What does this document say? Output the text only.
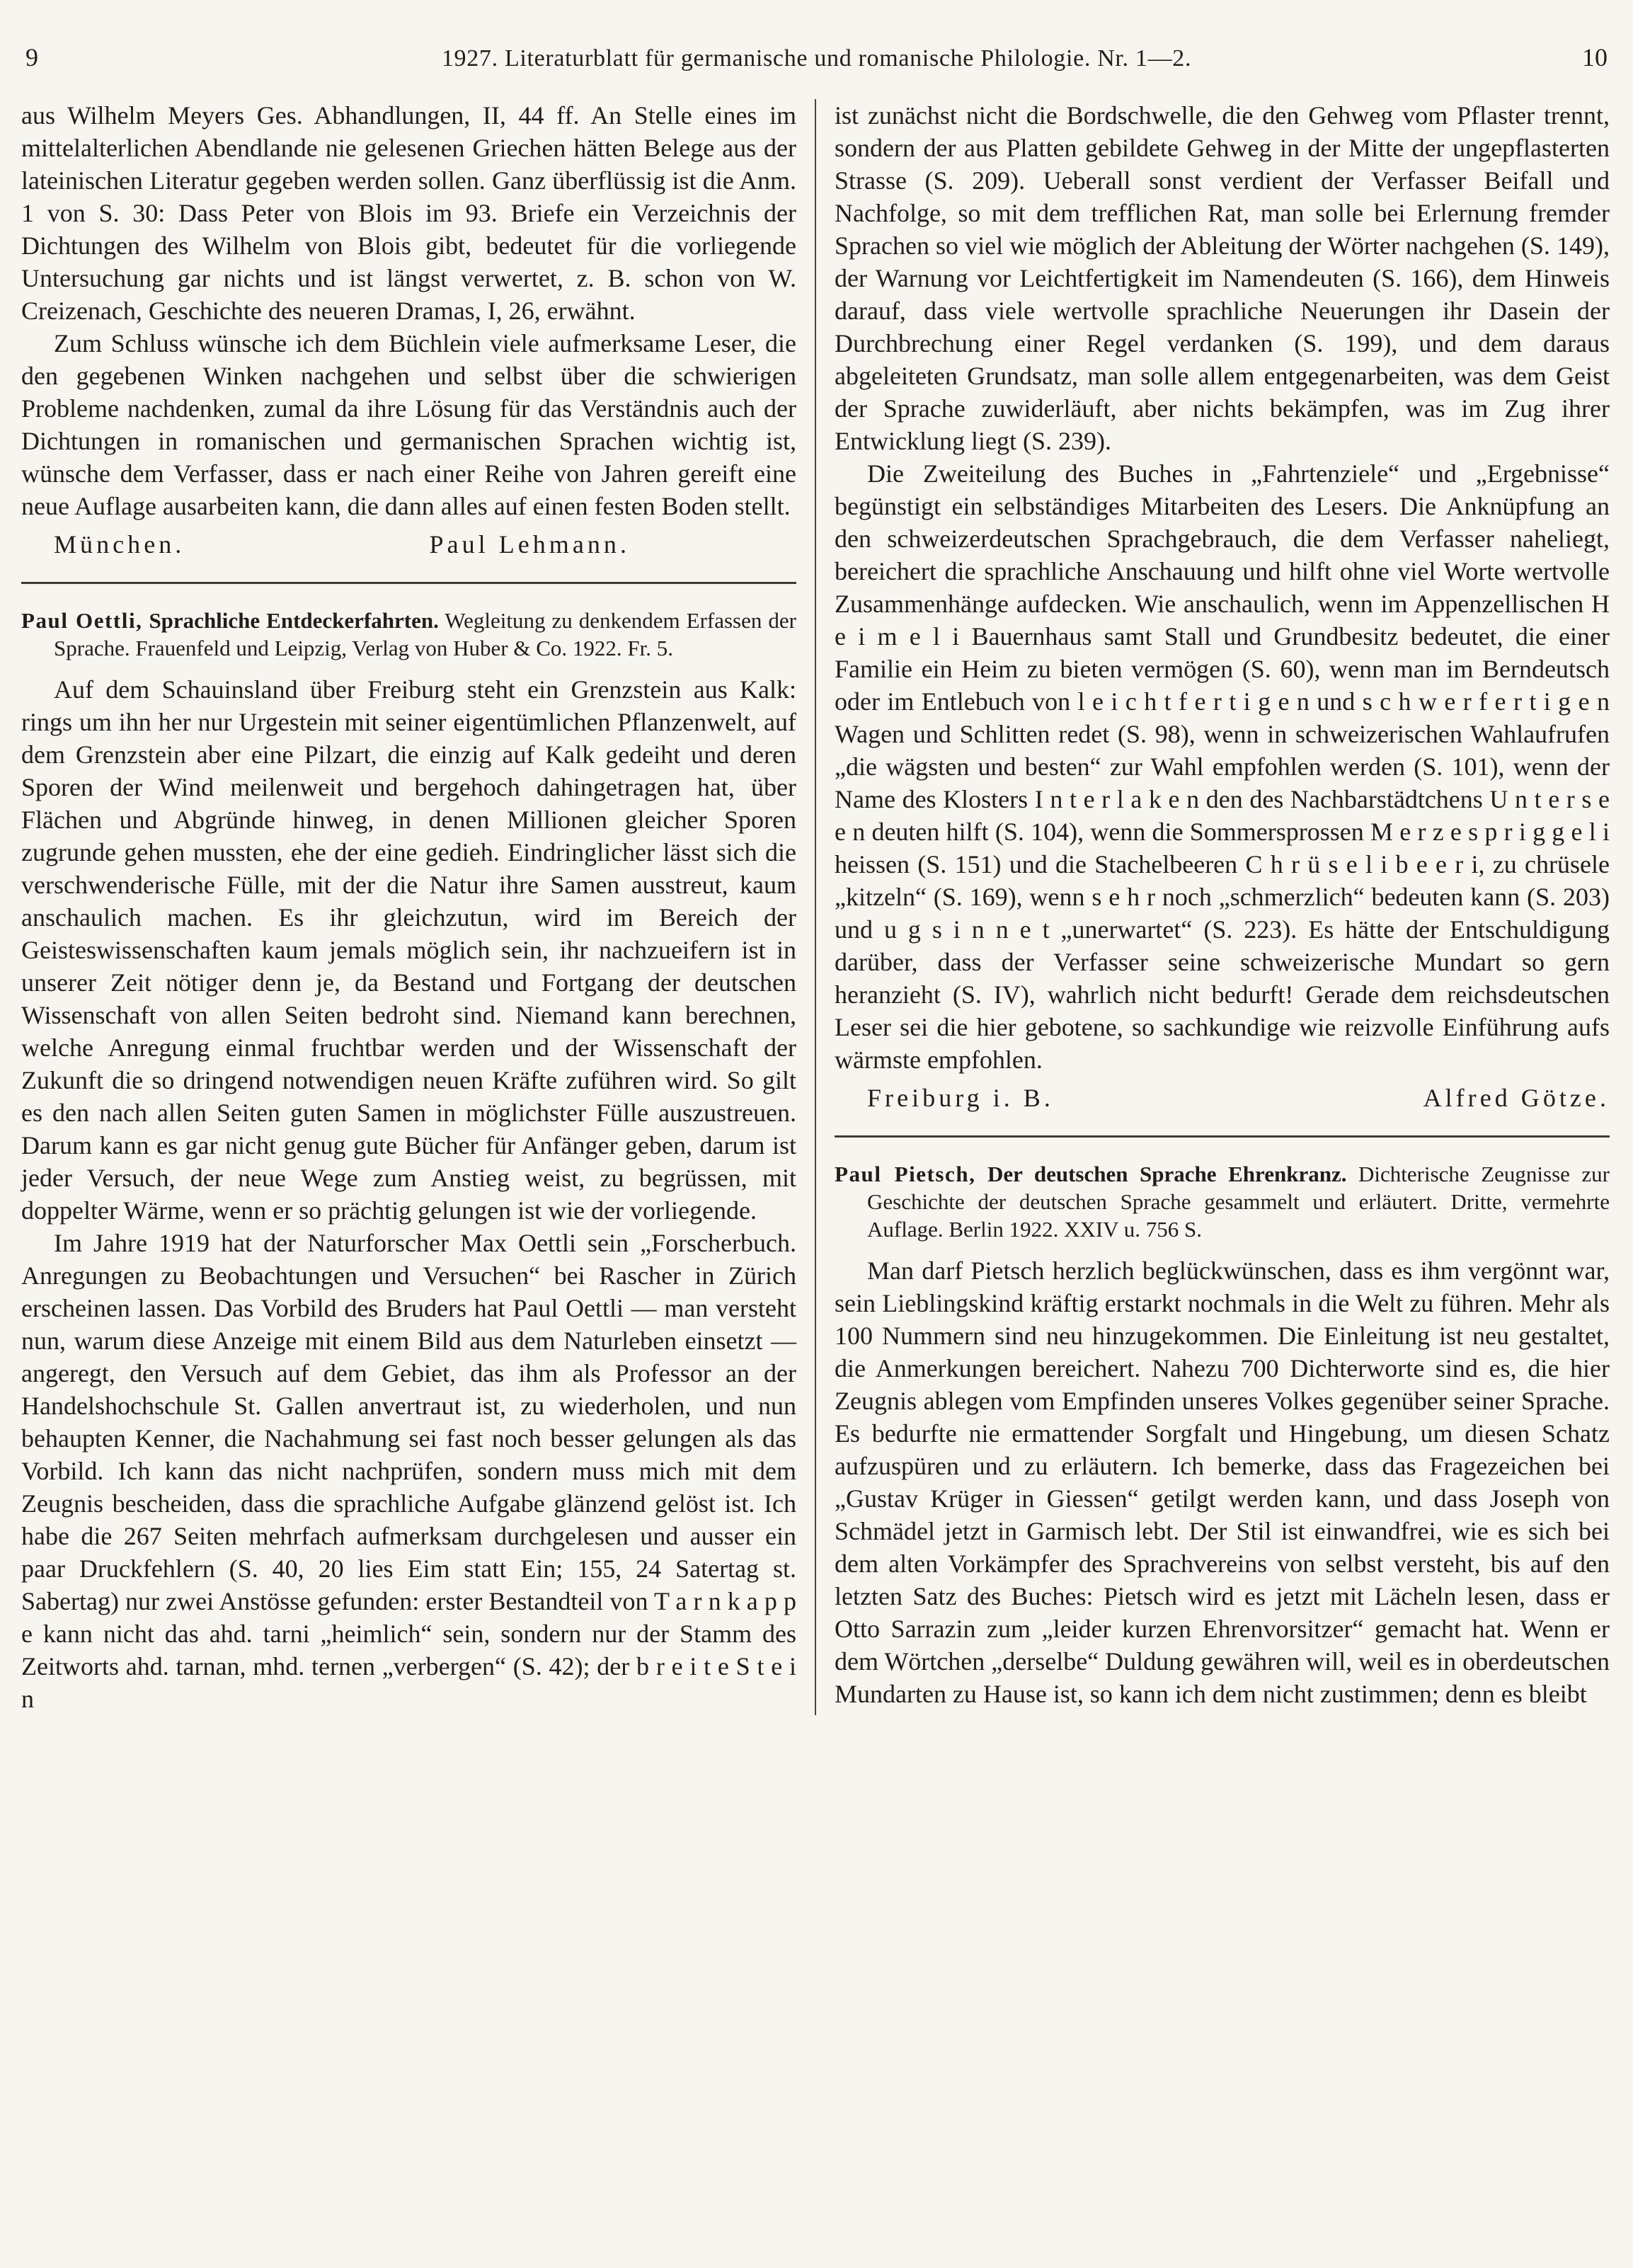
9	1927. Literaturblatt für germanische und romanische Philologie. Nr. 1—2.	10

aus Wilhelm Meyers Ges. Abhandlungen, II, 44 ff. An Stelle eines im mittelalterlichen Abendlande nie gelesenen Griechen hätten Belege aus der lateinischen Literatur gegeben werden sollen. Ganz überflüssig ist die Anm. 1 von S. 30: Dass Peter von Blois im 93. Briefe ein Verzeichnis der Dichtungen des Wilhelm von Blois gibt, bedeutet für die vorliegende Untersuchung gar nichts und ist längst verwertet, z. B. schon von W. Creizenach, Geschichte des neueren Dramas, I, 26, erwähnt.

Zum Schluss wünsche ich dem Büchlein viele aufmerksame Leser, die den gegebenen Winken nachgehen und selbst über die schwierigen Probleme nachdenken, zumal da ihre Lösung für das Verständnis auch der Dichtungen in romanischen und germanischen Sprachen wichtig ist, wünsche dem Verfasser, dass er nach einer Reihe von Jahren gereift eine neue Auflage ausarbeiten kann, die dann alles auf einen festen Boden stellt.

München.	Paul Lehmann.

Paul Oettli, Sprachliche Entdeckerfahrten. Wegleitung zu denkendem Erfassen der Sprache. Frauenfeld und Leipzig, Verlag von Huber & Co. 1922. Fr. 5.

Auf dem Schauinsland über Freiburg steht ein Grenzstein aus Kalk: rings um ihn her nur Urgestein mit seiner eigentümlichen Pflanzenwelt, auf dem Grenzstein aber eine Pilzart, die einzig auf Kalk gedeiht und deren Sporen der Wind meilenweit und bergehoch dahingetragen hat, über Flächen und Abgründe hinweg, in denen Millionen gleicher Sporen zugrunde gehen mussten, ehe der eine gedieh. Eindringlicher lässt sich die verschwenderische Fülle, mit der die Natur ihre Samen ausstreut, kaum anschaulich machen. Es ihr gleichzutun, wird im Bereich der Geisteswissenschaften kaum jemals möglich sein, ihr nachzueifern ist in unserer Zeit nötiger denn je, da Bestand und Fortgang der deutschen Wissenschaft von allen Seiten bedroht sind. Niemand kann berechnen, welche Anregung einmal fruchtbar werden und der Wissenschaft der Zukunft die so dringend notwendigen neuen Kräfte zuführen wird. So gilt es den nach allen Seiten guten Samen in möglichster Fülle auszustreuen. Darum kann es gar nicht genug gute Bücher für Anfänger geben, darum ist jeder Versuch, der neue Wege zum Anstieg weist, zu begrüssen, mit doppelter Wärme, wenn er so prächtig gelungen ist wie der vorliegende.

Im Jahre 1919 hat der Naturforscher Max Oettli sein „Forscherbuch. Anregungen zu Beobachtungen und Versuchen“ bei Rascher in Zürich erscheinen lassen. Das Vorbild des Bruders hat Paul Oettli — man versteht nun, warum diese Anzeige mit einem Bild aus dem Naturleben einsetzt — angeregt, den Versuch auf dem Gebiet, das ihm als Professor an der Handelshochschule St. Gallen anvertraut ist, zu wiederholen, und nun behaupten Kenner, die Nachahmung sei fast noch besser gelungen als das Vorbild. Ich kann das nicht nachprüfen, sondern muss mich mit dem Zeugnis bescheiden, dass die sprachliche Aufgabe glänzend gelöst ist. Ich habe die 267 Seiten mehrfach aufmerksam durchgelesen und ausser ein paar Druckfehlern (S. 40, 20 lies Eim statt Ein; 155, 24 Satertag st. Sabertag) nur zwei Anstösse gefunden: erster Bestandteil von T a r n k a p p e kann nicht das ahd. tarni „heimlich“ sein, sondern nur der Stamm des Zeitworts ahd. tarnan, mhd. ternen „verbergen“ (S. 42); der b r e i t e S t e i n

ist zunächst nicht die Bordschwelle, die den Gehweg vom Pflaster trennt, sondern der aus Platten gebildete Gehweg in der Mitte der ungepflasterten Strasse (S. 209). Ueberall sonst verdient der Verfasser Beifall und Nachfolge, so mit dem trefflichen Rat, man solle bei Erlernung fremder Sprachen so viel wie möglich der Ableitung der Wörter nachgehen (S. 149), der Warnung vor Leichtfertigkeit im Namendeuten (S. 166), dem Hinweis darauf, dass viele wertvolle sprachliche Neuerungen ihr Dasein der Durchbrechung einer Regel verdanken (S. 199), und dem daraus abgeleiteten Grundsatz, man solle allem entgegenarbeiten, was dem Geist der Sprache zuwiderläuft, aber nichts bekämpfen, was im Zug ihrer Entwicklung liegt (S. 239).

Die Zweiteilung des Buches in „Fahrtenziele“ und „Ergebnisse“ begünstigt ein selbständiges Mitarbeiten des Lesers. Die Anknüpfung an den schweizerdeutschen Sprachgebrauch, die dem Verfasser naheliegt, bereichert die sprachliche Anschauung und hilft ohne viel Worte wertvolle Zusammenhänge aufdecken. Wie anschaulich, wenn im Appenzellischen H e i m e l i Bauernhaus samt Stall und Grundbesitz bedeutet, die einer Familie ein Heim zu bieten vermögen (S. 60), wenn man im Berndeutsch oder im Entlebuch von l e i c h t f e r t i g e n und s c h w e r f e r t i g e n Wagen und Schlitten redet (S. 98), wenn in schweizerischen Wahlaufrufen „die wägsten und besten“ zur Wahl empfohlen werden (S. 101), wenn der Name des Klosters I n t e r l a k e n den des Nachbarstädtchens U n t e r s e e n deuten hilft (S. 104), wenn die Sommersprossen M e r z e s p r i g g e l i heissen (S. 151) und die Stachelbeeren C h r ü s e l i b e e r i, zu chrüsele „kitzeln“ (S. 169), wenn s e h r noch „schmerzlich“ bedeuten kann (S. 203) und u g s i n n e t „unerwartet“ (S. 223). Es hätte der Entschuldigung darüber, dass der Verfasser seine schweizerische Mundart so gern heranzieht (S. IV), wahrlich nicht bedurft! Gerade dem reichsdeutschen Leser sei die hier gebotene, so sachkundige wie reizvolle Einführung aufs wärmste empfohlen.

Freiburg i. B.	Alfred Götze.

Paul Pietsch, Der deutschen Sprache Ehrenkranz. Dichterische Zeugnisse zur Geschichte der deutschen Sprache gesammelt und erläutert. Dritte, vermehrte Auflage. Berlin 1922. XXIV u. 756 S.

Man darf Pietsch herzlich beglückwünschen, dass es ihm vergönnt war, sein Lieblingskind kräftig erstarkt nochmals in die Welt zu führen. Mehr als 100 Nummern sind neu hinzugekommen. Die Einleitung ist neu gestaltet, die Anmerkungen bereichert. Nahezu 700 Dichterworte sind es, die hier Zeugnis ablegen vom Empfinden unseres Volkes gegenüber seiner Sprache. Es bedurfte nie ermattender Sorgfalt und Hingebung, um diesen Schatz aufzuspüren und zu erläutern. Ich bemerke, dass das Fragezeichen bei „Gustav Krüger in Giessen“ getilgt werden kann, und dass Joseph von Schmädel jetzt in Garmisch lebt. Der Stil ist einwandfrei, wie es sich bei dem alten Vorkämpfer des Sprachvereins von selbst versteht, bis auf den letzten Satz des Buches: Pietsch wird es jetzt mit Lächeln lesen, dass er Otto Sarrazin zum „leider kurzen Ehrenvorsitzer“ gemacht hat. Wenn er dem Wörtchen „derselbe“ Duldung gewähren will, weil es in oberdeutschen Mundarten zu Hause ist, so kann ich dem nicht zustimmen; denn es bleibt
